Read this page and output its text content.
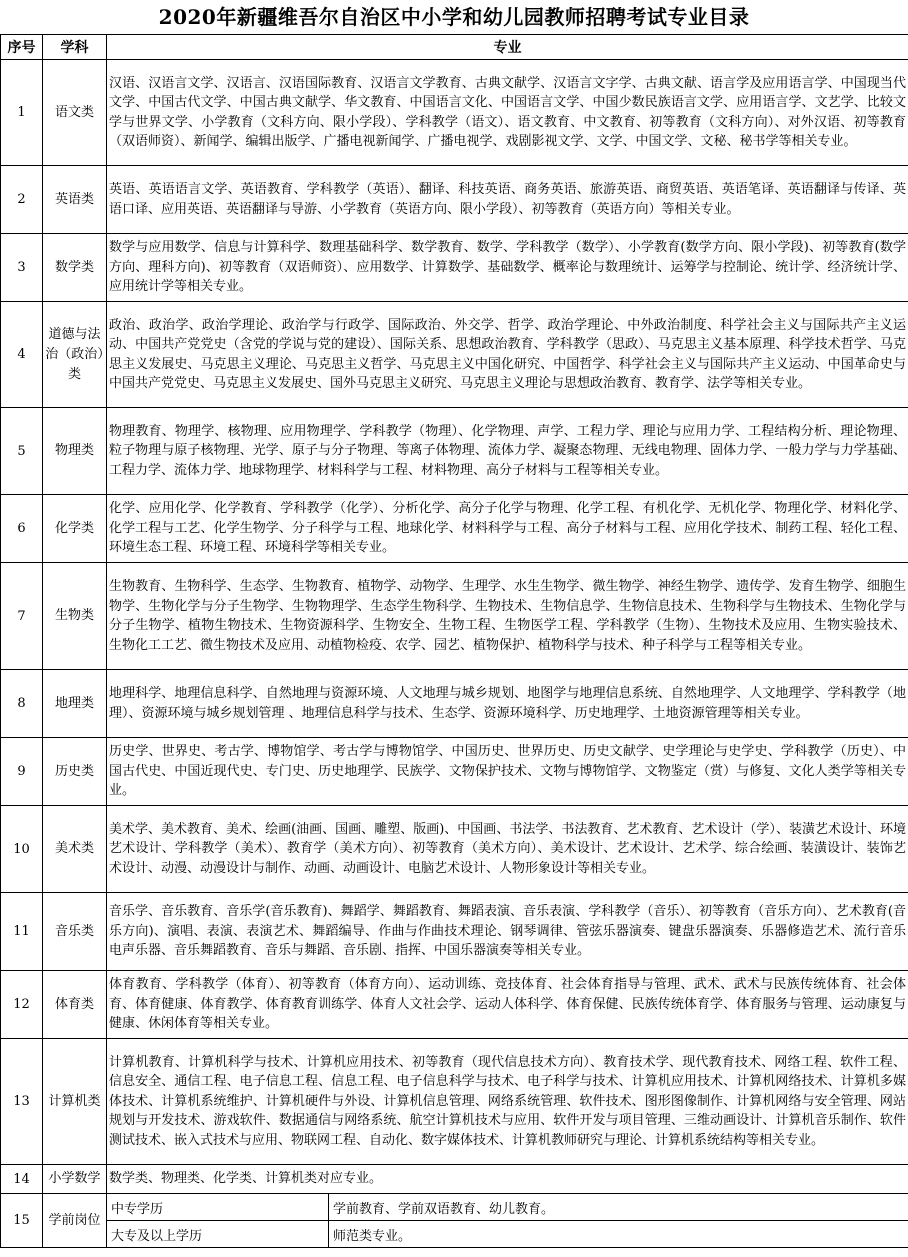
2020年新疆维吾尔自治区中小学和幼儿园教师招聘考试专业目录
序号	学科	专业	
1	语文类	汉语、汉语言文学、汉语言、汉语国际教育、汉语言文学教育、古典文献学、汉语言文字学、古典文献、语言学及应用语言学、中国现当代文学、中国古代文学、中国古典文献学、华文教育、中国语言文化、中国语言文学、中国少数民族语言文学、应用语言学、文艺学、比较文学与世界文学、小学教育（文科方向、限小学段）、学科教学（语文）、语文教育、中文教育、初等教育（文科方向）、对外汉语、初等教育（双语师资）、新闻学、编辑出版学、广播电视新闻学、广播电视学、戏剧影视文学、文学、中国文学、文秘、秘书学等相关专业。	
2	英语类	英语、英语语言文学、英语教育、学科教学（英语）、翻译、科技英语、商务英语、旅游英语、商贸英语、英语笔译、英语翻译与传译、英语口译、应用英语、英语翻译与导游、小学教育（英语方向、限小学段）、初等教育（英语方向）等相关专业。	
3	数学类	数学与应用数学、信息与计算科学、数理基础科学、数学教育、数学、学科教学（数学）、小学教育(数学方向、限小学段)、初等教育(数学方向、理科方向)、初等教育（双语师资）、应用数学、计算数学、基础数学、概率论与数理统计、运筹学与控制论、统计学、经济统计学、应用统计学等相关专业。	
4	道德与法治（政治）类	政治、政治学、政治学理论、政治学与行政学、国际政治、外交学、哲学、政治学理论、中外政治制度、科学社会主义与国际共产主义运动、中国共产党党史（含党的学说与党的建设）、国际关系、思想政治教育、学科教学（思政）、马克思主义基本原理、科学技术哲学、马克思主义发展史、马克思主义理论、马克思主义哲学、马克思主义中国化研究、中国哲学、科学社会主义与国际共产主义运动、中国革命史与中国共产党党史、马克思主义发展史、国外马克思主义研究、马克思主义理论与思想政治教育、教育学、法学等相关专业。	
5	物理类	物理教育、物理学、核物理、应用物理学、学科教学（物理）、化学物理、声学、工程力学、理论与应用力学、工程结构分析、理论物理、粒子物理与原子核物理、光学、原子与分子物理、等离子体物理、流体力学、凝聚态物理、无线电物理、固体力学、一般力学与力学基础、工程力学、流体力学、地球物理学、材料科学与工程、材料物理、高分子材料与工程等相关专业。	
6	化学类	化学、应用化学、化学教育、学科教学（化学）、分析化学、高分子化学与物理、化学工程、有机化学、无机化学、物理化学、材料化学、化学工程与工艺、化学生物学、分子科学与工程、地球化学、材料科学与工程、高分子材料与工程、应用化学技术、制药工程、轻化工程、环境生态工程、环境工程、环境科学等相关专业。	
7	生物类	生物教育、生物科学、生态学、生物教育、植物学、动物学、生理学、水生生物学、微生物学、神经生物学、遗传学、发育生物学、细胞生物学、生物化学与分子生物学、生物物理学、生态学生物科学、生物技术、生物信息学、生物信息技术、生物科学与生物技术、生物化学与分子生物学、植物生物技术、生物资源科学、生物安全、生物工程、生物医学工程、学科教学（生物）、生物技术及应用、生物实验技术、生物化工工艺、微生物技术及应用、动植物检疫、农学、园艺、植物保护、植物科学与技术、种子科学与工程等相关专业。	
8	地理类	地理科学、地理信息科学、自然地理与资源环境、人文地理与城乡规划、地图学与地理信息系统、自然地理学、人文地理学、学科教学（地理）、资源环境与城乡规划管理 、地理信息科学与技术、生态学、资源环境科学、历史地理学、土地资源管理等相关专业。	
9	历史类	历史学、世界史、考古学、博物馆学、考古学与博物馆学、中国历史、世界历史、历史文献学、史学理论与史学史、学科教学（历史）、中国古代史、中国近现代史、专门史、历史地理学、民族学、文物保护技术、文物与博物馆学、文物鉴定（赏）与修复、文化人类学等相关专业。	
10	美术类	美术学、美术教育、美术、绘画(油画、国画、雕塑、版画)、中国画、书法学、书法教育、艺术教育、艺术设计（学）、装潢艺术设计、环境艺术设计、学科教学（美术）、教育学（美术方向）、初等教育（美术方向）、美术设计、艺术设计、艺术学、综合绘画、装潢设计、装饰艺术设计、动漫、动漫设计与制作、动画、动画设计、电脑艺术设计、人物形象设计等相关专业。	
11	音乐类	音乐学、音乐教育、音乐学(音乐教育)、舞蹈学、舞蹈教育、舞蹈表演、音乐表演、学科教学（音乐）、初等教育（音乐方向）、艺术教育(音乐方向)、演唱、表演、表演艺术、舞蹈编导、作曲与作曲技术理论、钢琴调律、管弦乐器演奏、键盘乐器演奏、乐器修造艺术、流行音乐电声乐器、音乐舞蹈教育、音乐与舞蹈、音乐剧、指挥、中国乐器演奏等相关专业。	
12	体育类	体育教育、学科教学（体育）、初等教育（体育方向）、运动训练、竞技体育、社会体育指导与管理、武术、武术与民族传统体育、社会体育、体育健康、体育教学、体育教育训练学、体育人文社会学、运动人体科学、体育保健、民族传统体育学、体育服务与管理、运动康复与健康、休闲体育等相关专业。	
13	计算机类	计算机教育、计算机科学与技术、计算机应用技术、初等教育（现代信息技术方向）、教育技术学、现代教育技术、网络工程、软件工程、信息安全、通信工程、电子信息工程、信息工程、电子信息科学与技术、电子科学与技术、计算机应用技术、计算机网络技术、计算机多媒体技术、计算机系统维护、计算机硬件与外设、计算机信息管理、网络系统管理、软件技术、图形图像制作、计算机网络与安全管理、网站规划与开发技术、游戏软件、数据通信与网络系统、航空计算机技术与应用、软件开发与项目管理、三维动画设计、计算机音乐制作、软件测试技术、嵌入式技术与应用、物联网工程、自动化、数字媒体技术、计算机教师研究与理论、计算机系统结构等相关专业。	
14	小学数学	数学类、物理类、化学类、计算机类对应专业。	
15	学前岗位	中专学历	学前教育、学前双语教育、幼儿教育。
		大专及以上学历	师范类专业。
